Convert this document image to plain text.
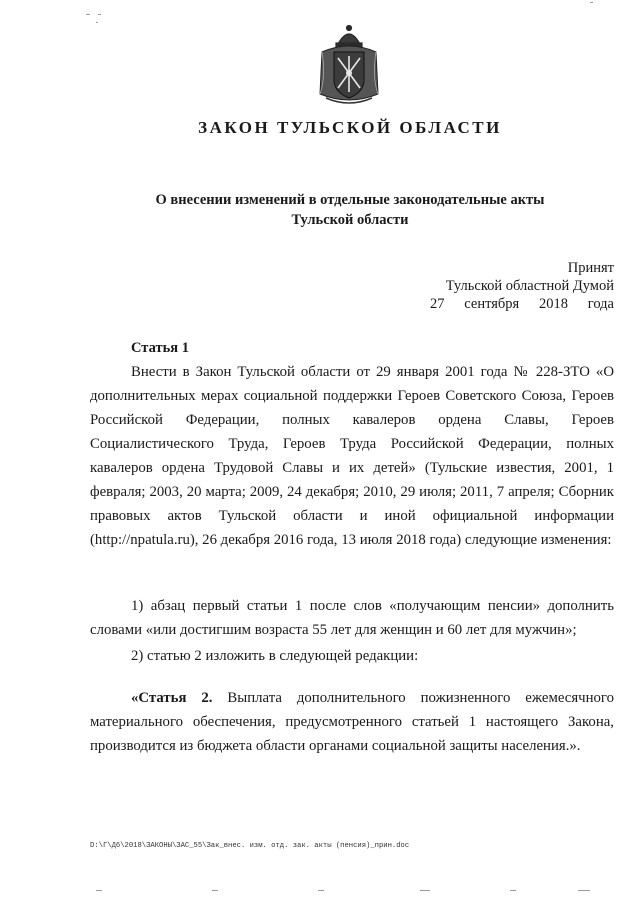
ЗАКОН ТУЛЬСКОЙ ОБЛАСТИ
О внесении изменений в отдельные законодательные акты
Тульской области
Принят
Тульской областной Думой
27 сентября 2018 года
Статья 1
Внести в Закон Тульской области от 29 января 2001 года № 228-ЗТО «О дополнительных мерах социальной поддержки Героев Советского Союза, Героев Российской Федерации, полных кавалеров ордена Славы, Героев Социалистического Труда, Героев Труда Российской Федерации, полных кавалеров ордена Трудовой Славы и их детей» (Тульские известия, 2001, 1 февраля; 2003, 20 марта; 2009, 24 декабря; 2010, 29 июля; 2011, 7 апреля; Сборник правовых актов Тульской области и иной официальной информации (http://npatula.ru), 26 декабря 2016 года, 13 июля 2018 года) следующие изменения:
1) абзац первый статьи 1 после слов «получающим пенсии» дополнить словами «или достигшим возраста 55 лет для женщин и 60 лет для мужчин»;
2) статью 2 изложить в следующей редакции:
«Статья 2. Выплата дополнительного пожизненного ежемесячного материального обеспечения, предусмотренного статьей 1 настоящего Закона, производится из бюджета области органами социальной защиты населения.».
D:\Г\Д6\2018\ЗАКОНЫ\ЗАС_55\Зак_внес. изм. отд. зак. акты (пенсия)_прин.doc
